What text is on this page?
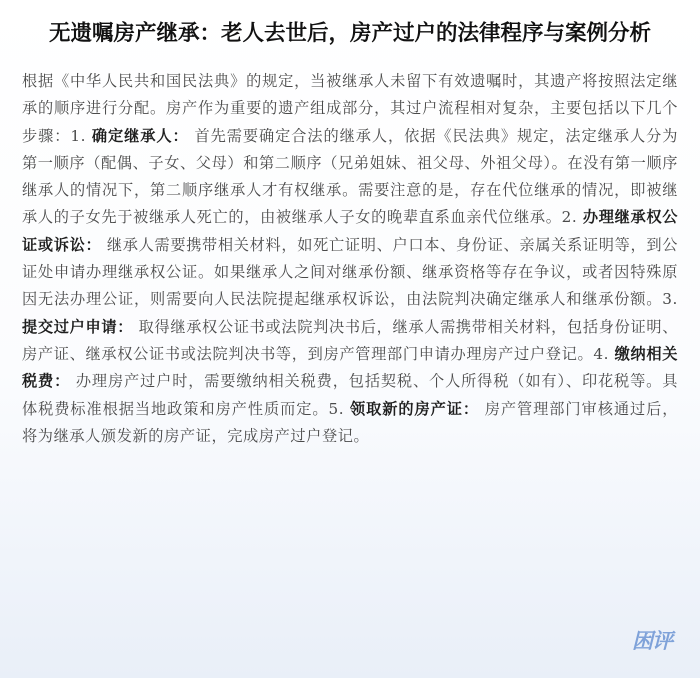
无遗嘱房产继承：老人去世后，房产过户的法律程序与案例分析
根据《中华人民共和国民法典》的规定，当被继承人未留下有效遗嘱时，其遗产将按照法定继承的顺序进行分配。房产作为重要的遗产组成部分，其过户流程相对复杂，主要包括以下几个步骤：1. 确定继承人： 首先需要确定合法的继承人，依据《民法典》规定，法定继承人分为第一顺序（配偶、子女、父母）和第二顺序（兄弟姐妹、祖父母、外祖父母）。在没有第一顺序继承人的情况下，第二顺序继承人才有权继承。需要注意的是，存在代位继承的情况，即被继承人的子女先于被继承人死亡的，由被继承人子女的晚辈直系血亲代位继承。2. 办理继承权公证或诉讼： 继承人需要携带相关材料，如死亡证明、户口本、身份证、亲属关系证明等，到公证处申请办理继承权公证。如果继承人之间对继承份额、继承资格等存在争议，或者因特殊原因无法办理公证，则需要向人民法院提起继承权诉讼，由法院判决确定继承人和继承份额。3. 提交过户申请： 取得继承权公证书或法院判决书后，继承人需携带相关材料，包括身份证明、房产证、继承权公证书或法院判决书等，到房产管理部门申请办理房产过户登记。4. 缴纳相关税费： 办理房产过户时，需要缴纳相关税费，包括契税、个人所得税（如有）、印花税等。具体税费标准根据当地政策和房产性质而定。5. 领取新的房产证： 房产管理部门审核通过后，将为继承人颁发新的房产证，完成房产过户登记。
困评
